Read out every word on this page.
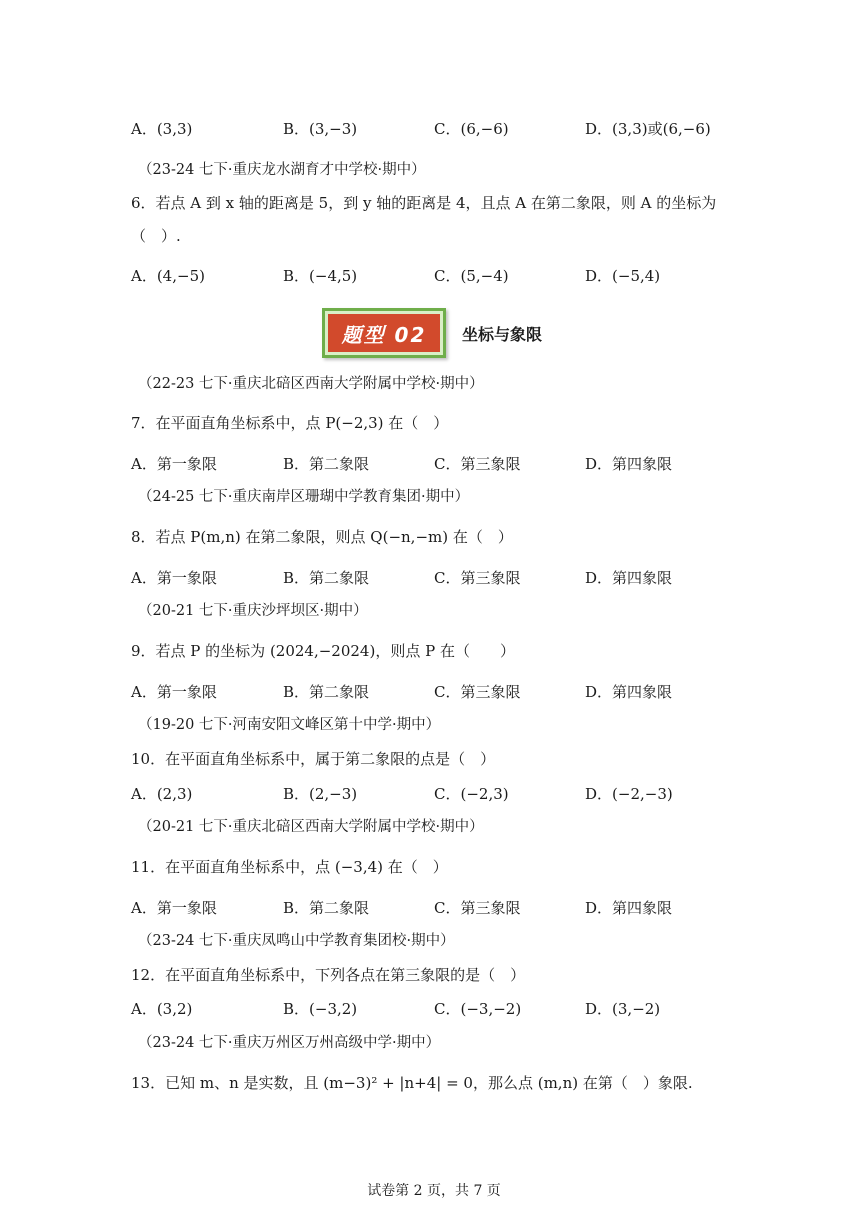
A．(3,3)	B．(3,−3)	C．(6,−6)	D．(3,3)或(6,−6)
（23-24 七下·重庆龙水湖育才中学校·期中）
6．若点 A 到 x 轴的距离是 5，到 y 轴的距离是 4，且点 A 在第二象限，则 A 的坐标为
（　）.
A．(4,−5)	B．(−4,5)	C．(5,−4)	D．(−5,4)
题型 02	坐标与象限
（22-23 七下·重庆北碚区西南大学附属中学校·期中）
7．在平面直角坐标系中，点 P(−2,3) 在（　）
A．第一象限	B．第二象限	C．第三象限	D．第四象限
（24-25 七下·重庆南岸区珊瑚中学教育集团·期中）
8．若点 P(m,n) 在第二象限，则点 Q(−n,−m) 在（　）
A．第一象限	B．第二象限	C．第三象限	D．第四象限
（20-21 七下·重庆沙坪坝区·期中）
9．若点 P 的坐标为 (2024,−2024)，则点 P 在（　　）
A．第一象限	B．第二象限	C．第三象限	D．第四象限
（19-20 七下·河南安阳文峰区第十中学·期中）
10．在平面直角坐标系中，属于第二象限的点是（　）
A．(2,3)	B．(2,−3)	C．(−2,3)	D．(−2,−3)
（20-21 七下·重庆北碚区西南大学附属中学校·期中）
11．在平面直角坐标系中，点 (−3,4) 在（　）
A．第一象限	B．第二象限	C．第三象限	D．第四象限
（23-24 七下·重庆凤鸣山中学教育集团校·期中）
12．在平面直角坐标系中，下列各点在第三象限的是（　）
A．(3,2)	B．(−3,2)	C．(−3,−2)	D．(3,−2)
（23-24 七下·重庆万州区万州高级中学·期中）
13．已知 m、n 是实数，且 (m−3)² + |n+4| = 0，那么点 (m,n) 在第（　）象限.
试卷第 2 页，共 7 页
